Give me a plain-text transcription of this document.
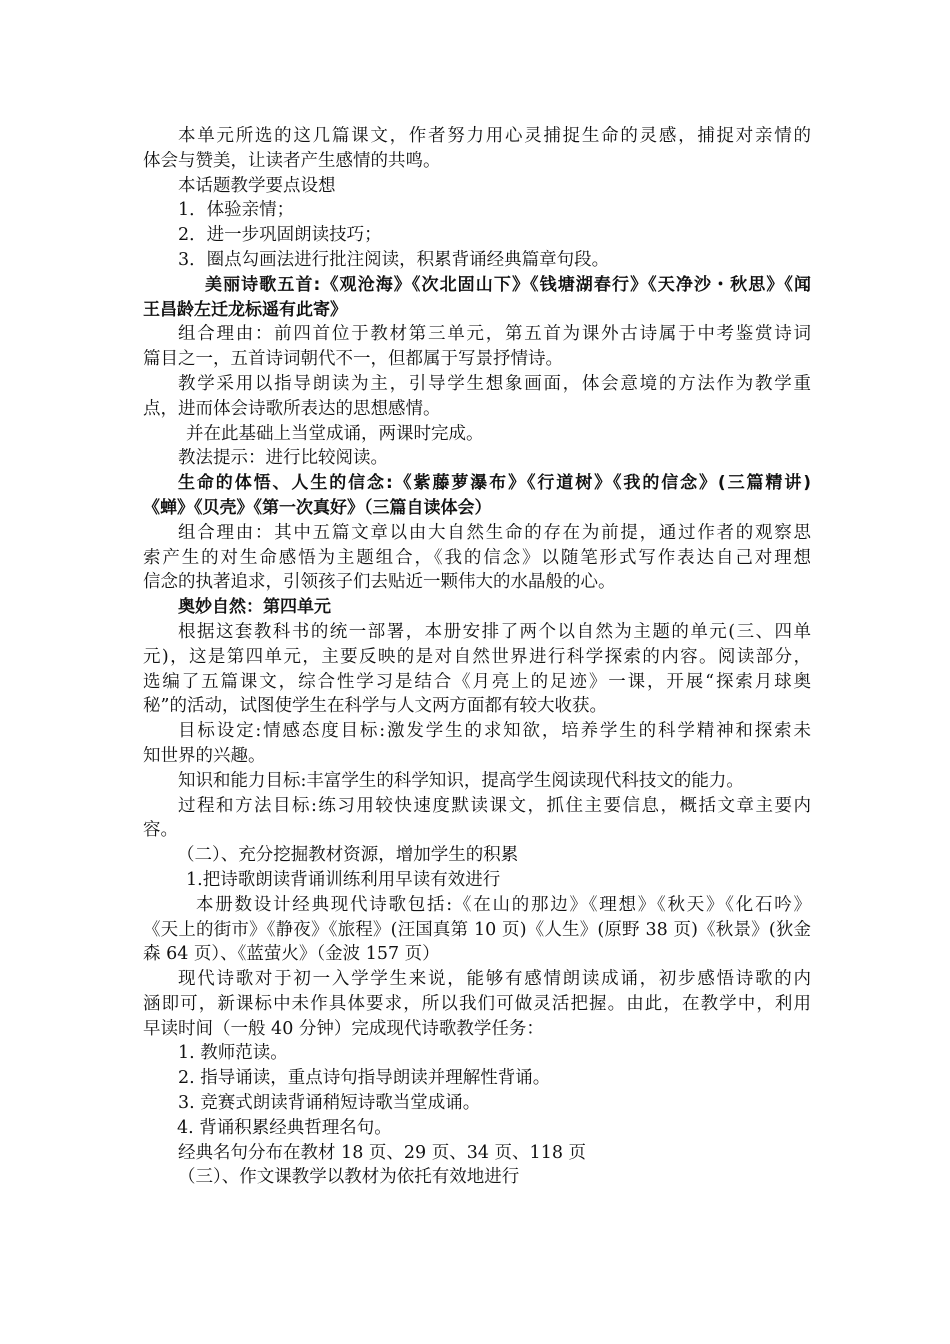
本单元所选的这几篇课文，作者努力用心灵捕捉生命的灵感，捕捉对亲情的
体会与赞美，让读者产生感情的共鸣。
本话题教学要点设想
1．体验亲情；
2．进一步巩固朗读技巧；
3．圈点勾画法进行批注阅读，积累背诵经典篇章句段。
美丽诗歌五首:《观沧海》《次北固山下》《钱塘湖春行》《天净沙・秋思》《闻
王昌龄左迁龙标遥有此寄》
组合理由：前四首位于教材第三单元，第五首为课外古诗属于中考鉴赏诗词
篇目之一，五首诗词朝代不一，但都属于写景抒情诗。
教学采用以指导朗读为主，引导学生想象画面，体会意境的方法作为教学重
点，进而体会诗歌所表达的思想感情。
并在此基础上当堂成诵，两课时完成。
教法提示：进行比较阅读。
生命的体悟、人生的信念:《紫藤萝瀑布》《行道树》《我的信念》(三篇精讲)
《蝉》《贝壳》《第一次真好》（三篇自读体会）
组合理由：其中五篇文章以由大自然生命的存在为前提，通过作者的观察思
索产生的对生命感悟为主题组合，《我的信念》以随笔形式写作表达自己对理想
信念的执著追求，引领孩子们去贴近一颗伟大的水晶般的心。
奥妙自然：第四单元
根据这套教科书的统一部署，本册安排了两个以自然为主题的单元(三、四单
元)，这是第四单元，主要反映的是对自然世界进行科学探索的内容。阅读部分，
选编了五篇课文，综合性学习是结合《月亮上的足迹》一课，开展“探索月球奥
秘”的活动，试图使学生在科学与人文两方面都有较大收获。
目标设定:情感态度目标:激发学生的求知欲，培养学生的科学精神和探索未
知世界的兴趣。
知识和能力目标:丰富学生的科学知识，提高学生阅读现代科技文的能力。
过程和方法目标:练习用较快速度默读课文，抓住主要信息，概括文章主要内
容。
（二）、充分挖掘教材资源，增加学生的积累
1.把诗歌朗读背诵训练利用早读有效进行
本册数设计经典现代诗歌包括:《在山的那边》《理想》《秋天》《化石吟》
《天上的街市》《静夜》《旅程》(汪国真第 10 页)《人生》(原野 38 页)《秋景》(狄金
森 64 页）、《蓝萤火》（金波 157 页）
现代诗歌对于初一入学学生来说，能够有感情朗读成诵，初步感悟诗歌的内
涵即可，新课标中未作具体要求，所以我们可做灵活把握。由此，在教学中，利用
早读时间（一般 40 分钟）完成现代诗歌教学任务：
1. 教师范读。
2. 指导诵读，重点诗句指导朗读并理解性背诵。
3. 竞赛式朗读背诵稍短诗歌当堂成诵。
4. 背诵积累经典哲理名句。
经典名句分布在教材 18 页、29 页、34 页、118 页
（三）、作文课教学以教材为依托有效地进行
